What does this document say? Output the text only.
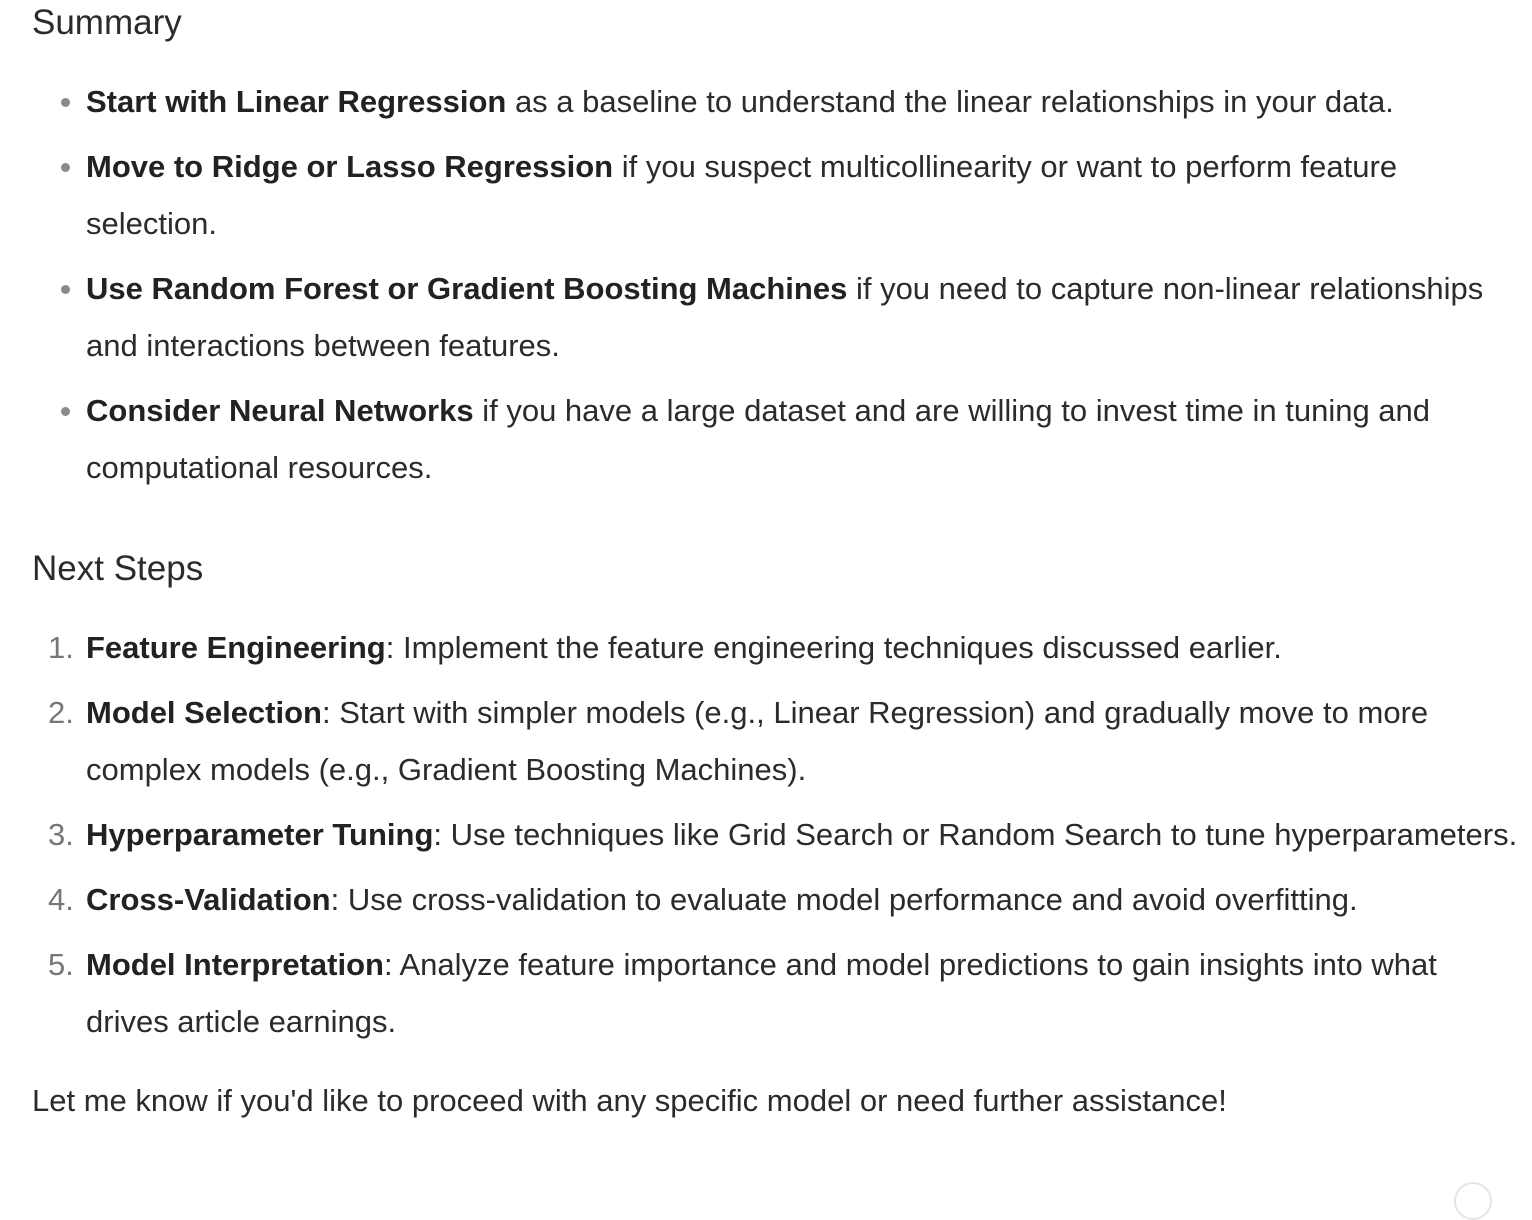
Summary
Start with Linear Regression as a baseline to understand the linear relationships in your data.
Move to Ridge or Lasso Regression if you suspect multicollinearity or want to perform feature selection.
Use Random Forest or Gradient Boosting Machines if you need to capture non-linear relationships and interactions between features.
Consider Neural Networks if you have a large dataset and are willing to invest time in tuning and computational resources.
Next Steps
1. Feature Engineering: Implement the feature engineering techniques discussed earlier.
2. Model Selection: Start with simpler models (e.g., Linear Regression) and gradually move to more complex models (e.g., Gradient Boosting Machines).
3. Hyperparameter Tuning: Use techniques like Grid Search or Random Search to tune hyperparameters.
4. Cross-Validation: Use cross-validation to evaluate model performance and avoid overfitting.
5. Model Interpretation: Analyze feature importance and model predictions to gain insights into what drives article earnings.

Let me know if you'd like to proceed with any specific model or need further assistance!
